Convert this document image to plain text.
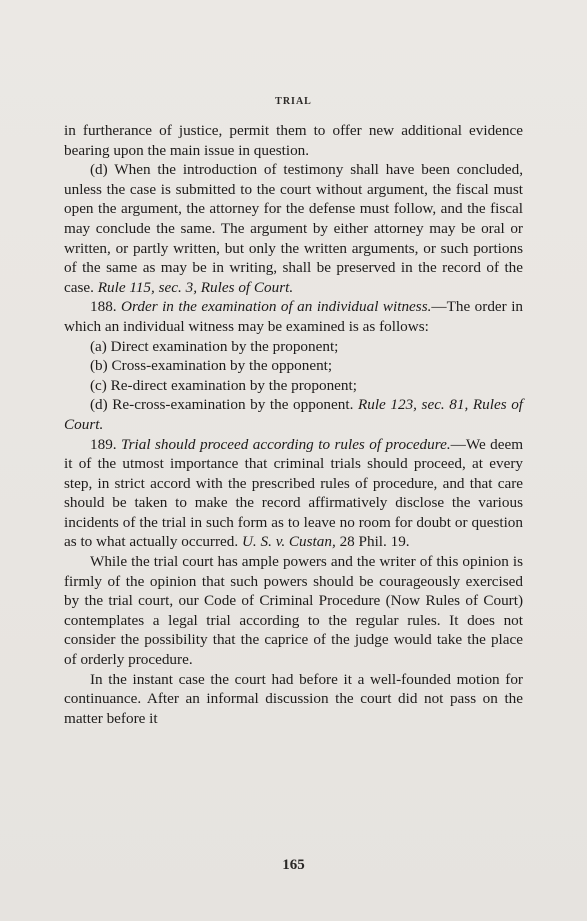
TRIAL

in furtherance of justice, permit them to offer new additional evidence bearing upon the main issue in question.

(d) When the introduction of testimony shall have been concluded, unless the case is submitted to the court without argument, the fiscal must open the argument, the attorney for the defense must follow, and the fiscal may conclude the same. The argument by either attorney may be oral or written, or partly written, but only the written arguments, or such portions of the same as may be in writing, shall be preserved in the record of the case. Rule 115, sec. 3, Rules of Court.

188. Order in the examination of an individual witness.—The order in which an individual witness may be examined is as follows:

(a) Direct examination by the proponent;

(b) Cross-examination by the opponent;

(c) Re-direct examination by the proponent;

(d) Re-cross-examination by the opponent. Rule 123, sec. 81, Rules of Court.

189. Trial should proceed according to rules of procedure.—We deem it of the utmost importance that criminal trials should proceed, at every step, in strict accord with the prescribed rules of procedure, and that care should be taken to make the record affirmatively disclose the various incidents of the trial in such form as to leave no room for doubt or question as to what actually occurred. U. S. v. Custan, 28 Phil. 19.

While the trial court has ample powers and the writer of this opinion is firmly of the opinion that such powers should be courageously exercised by the trial court, our Code of Criminal Procedure (Now Rules of Court) contemplates a legal trial according to the regular rules. It does not consider the possibility that the caprice of the judge would take the place of orderly procedure.

In the instant case the court had before it a well-founded motion for continuance. After an informal discussion the court did not pass on the matter before it

165
